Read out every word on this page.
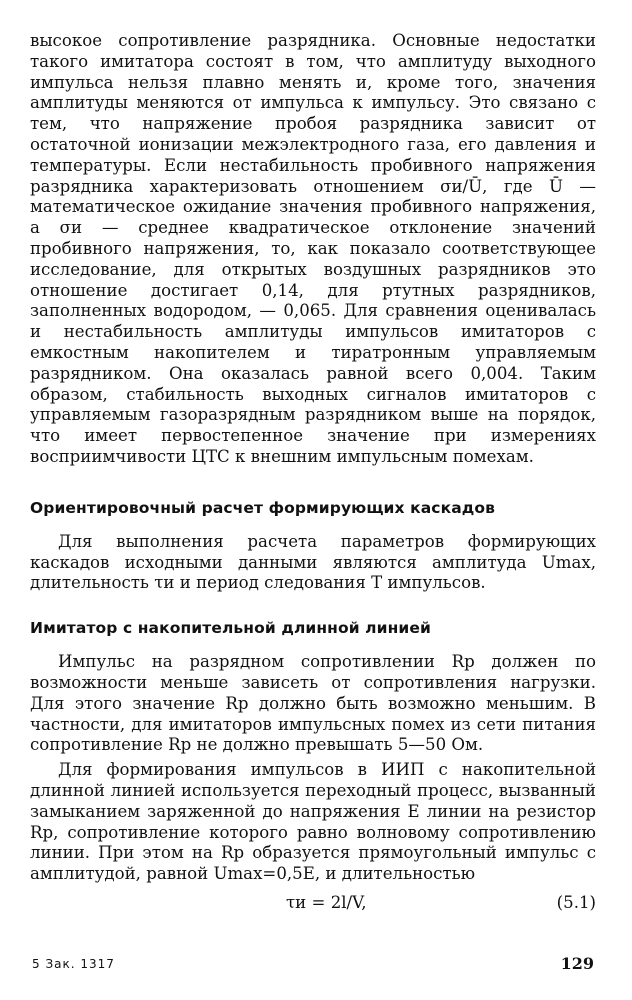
высокое сопротивление разрядника. Основные недостатки такого имитатора состоят в том, что амплитуду выходного импульса нельзя плавно менять и, кроме того, значения амплитуды меняются от импульса к импульсу. Это связано с тем, что напряжение пробоя разрядника зависит от остаточной ионизации межэлектродного газа, его давления и температуры. Если нестабильность пробивного напряжения разрядника характеризовать отношением σи/Ū, где Ū — математическое ожидание значения пробивного напряжения, а σи — среднее квадратическое отклонение значений пробивного напряжения, то, как показало соответствующее исследование, для открытых воздушных разрядников это отношение достигает 0,14, для ртутных разрядников, заполненных водородом, — 0,065. Для сравнения оценивалась и нестабильность амплитуды импульсов имитаторов с емкостным накопителем и тиратронным управляемым разрядником. Она оказалась равной всего 0,004. Таким образом, стабильность выходных сигналов имитаторов с управляемым газоразрядным разрядником выше на порядок, что имеет первостепенное значение при измерениях восприимчивости ЦТС к внешним импульсным помехам.

Ориентировочный расчет формирующих каскадов

Для выполнения расчета параметров формирующих каскадов исходными данными являются амплитуда Umax, длительность τи и период следования T импульсов.

Имитатор с накопительной длинной линией

Импульс на разрядном сопротивлении Rр должен по возможности меньше зависеть от сопротивления нагрузки. Для этого значение Rр должно быть возможно меньшим. В частности, для имитаторов импульсных помех из сети питания сопротивление Rр не должно превышать 5—50 Ом.

Для формирования импульсов в ИИП с накопительной длинной линией используется переходный процесс, вызванный замыканием заряженной до напряжения E линии на резистор Rр, сопротивление которого равно волновому сопротивлению линии. При этом на Rр образуется прямоугольный импульс с амплитудой, равной Umax=0,5E, и длительностью

τи = 2l/V,	(5.1)
5 Зак. 1317	129
